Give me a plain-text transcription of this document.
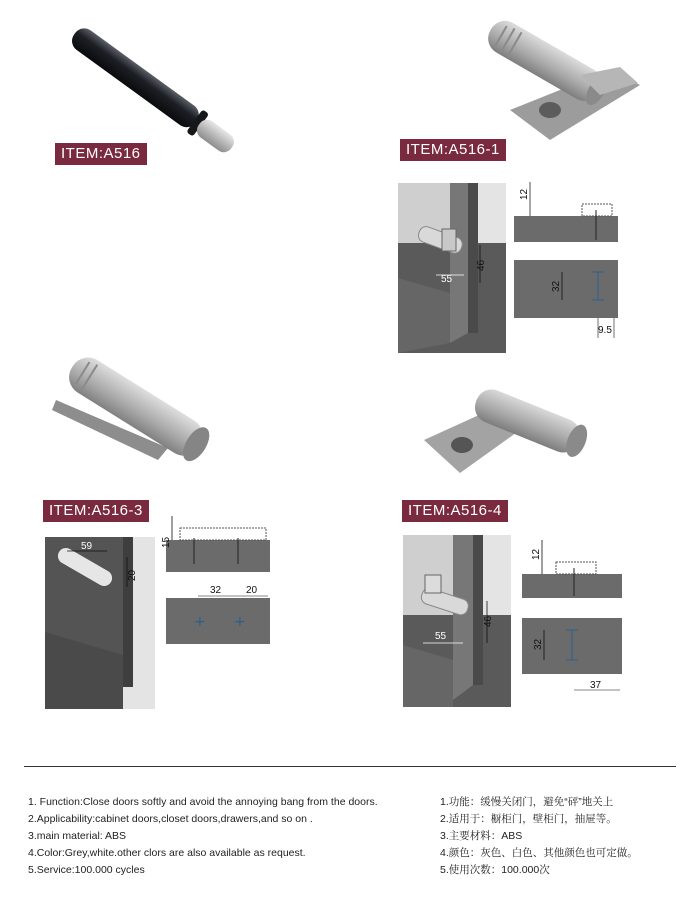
ITEM:A516	ITEM:A516-1
55
46
12
32
9.5
ITEM:A516-3
59
20
15
32 20
+ +
ITEM:A516-4
55
46
12
32
37
1. Function:Close doors softly and avoid the annoying bang from the doors.
2.Applicability:cabinet doors,closet doors,drawers,and so on .
3.main material: ABS
4.Color:Grey,white.other clors are also available as request.
5.Service:100.000 cycles
1.功能：缓慢关闭门，避免“砰”地关上
2.适用于：橱柜门，壁柜门，抽屉等。
3.主要材料：ABS
4.颜色：灰色、白色、其他颜色也可定做。
5.使用次数：100.000次
